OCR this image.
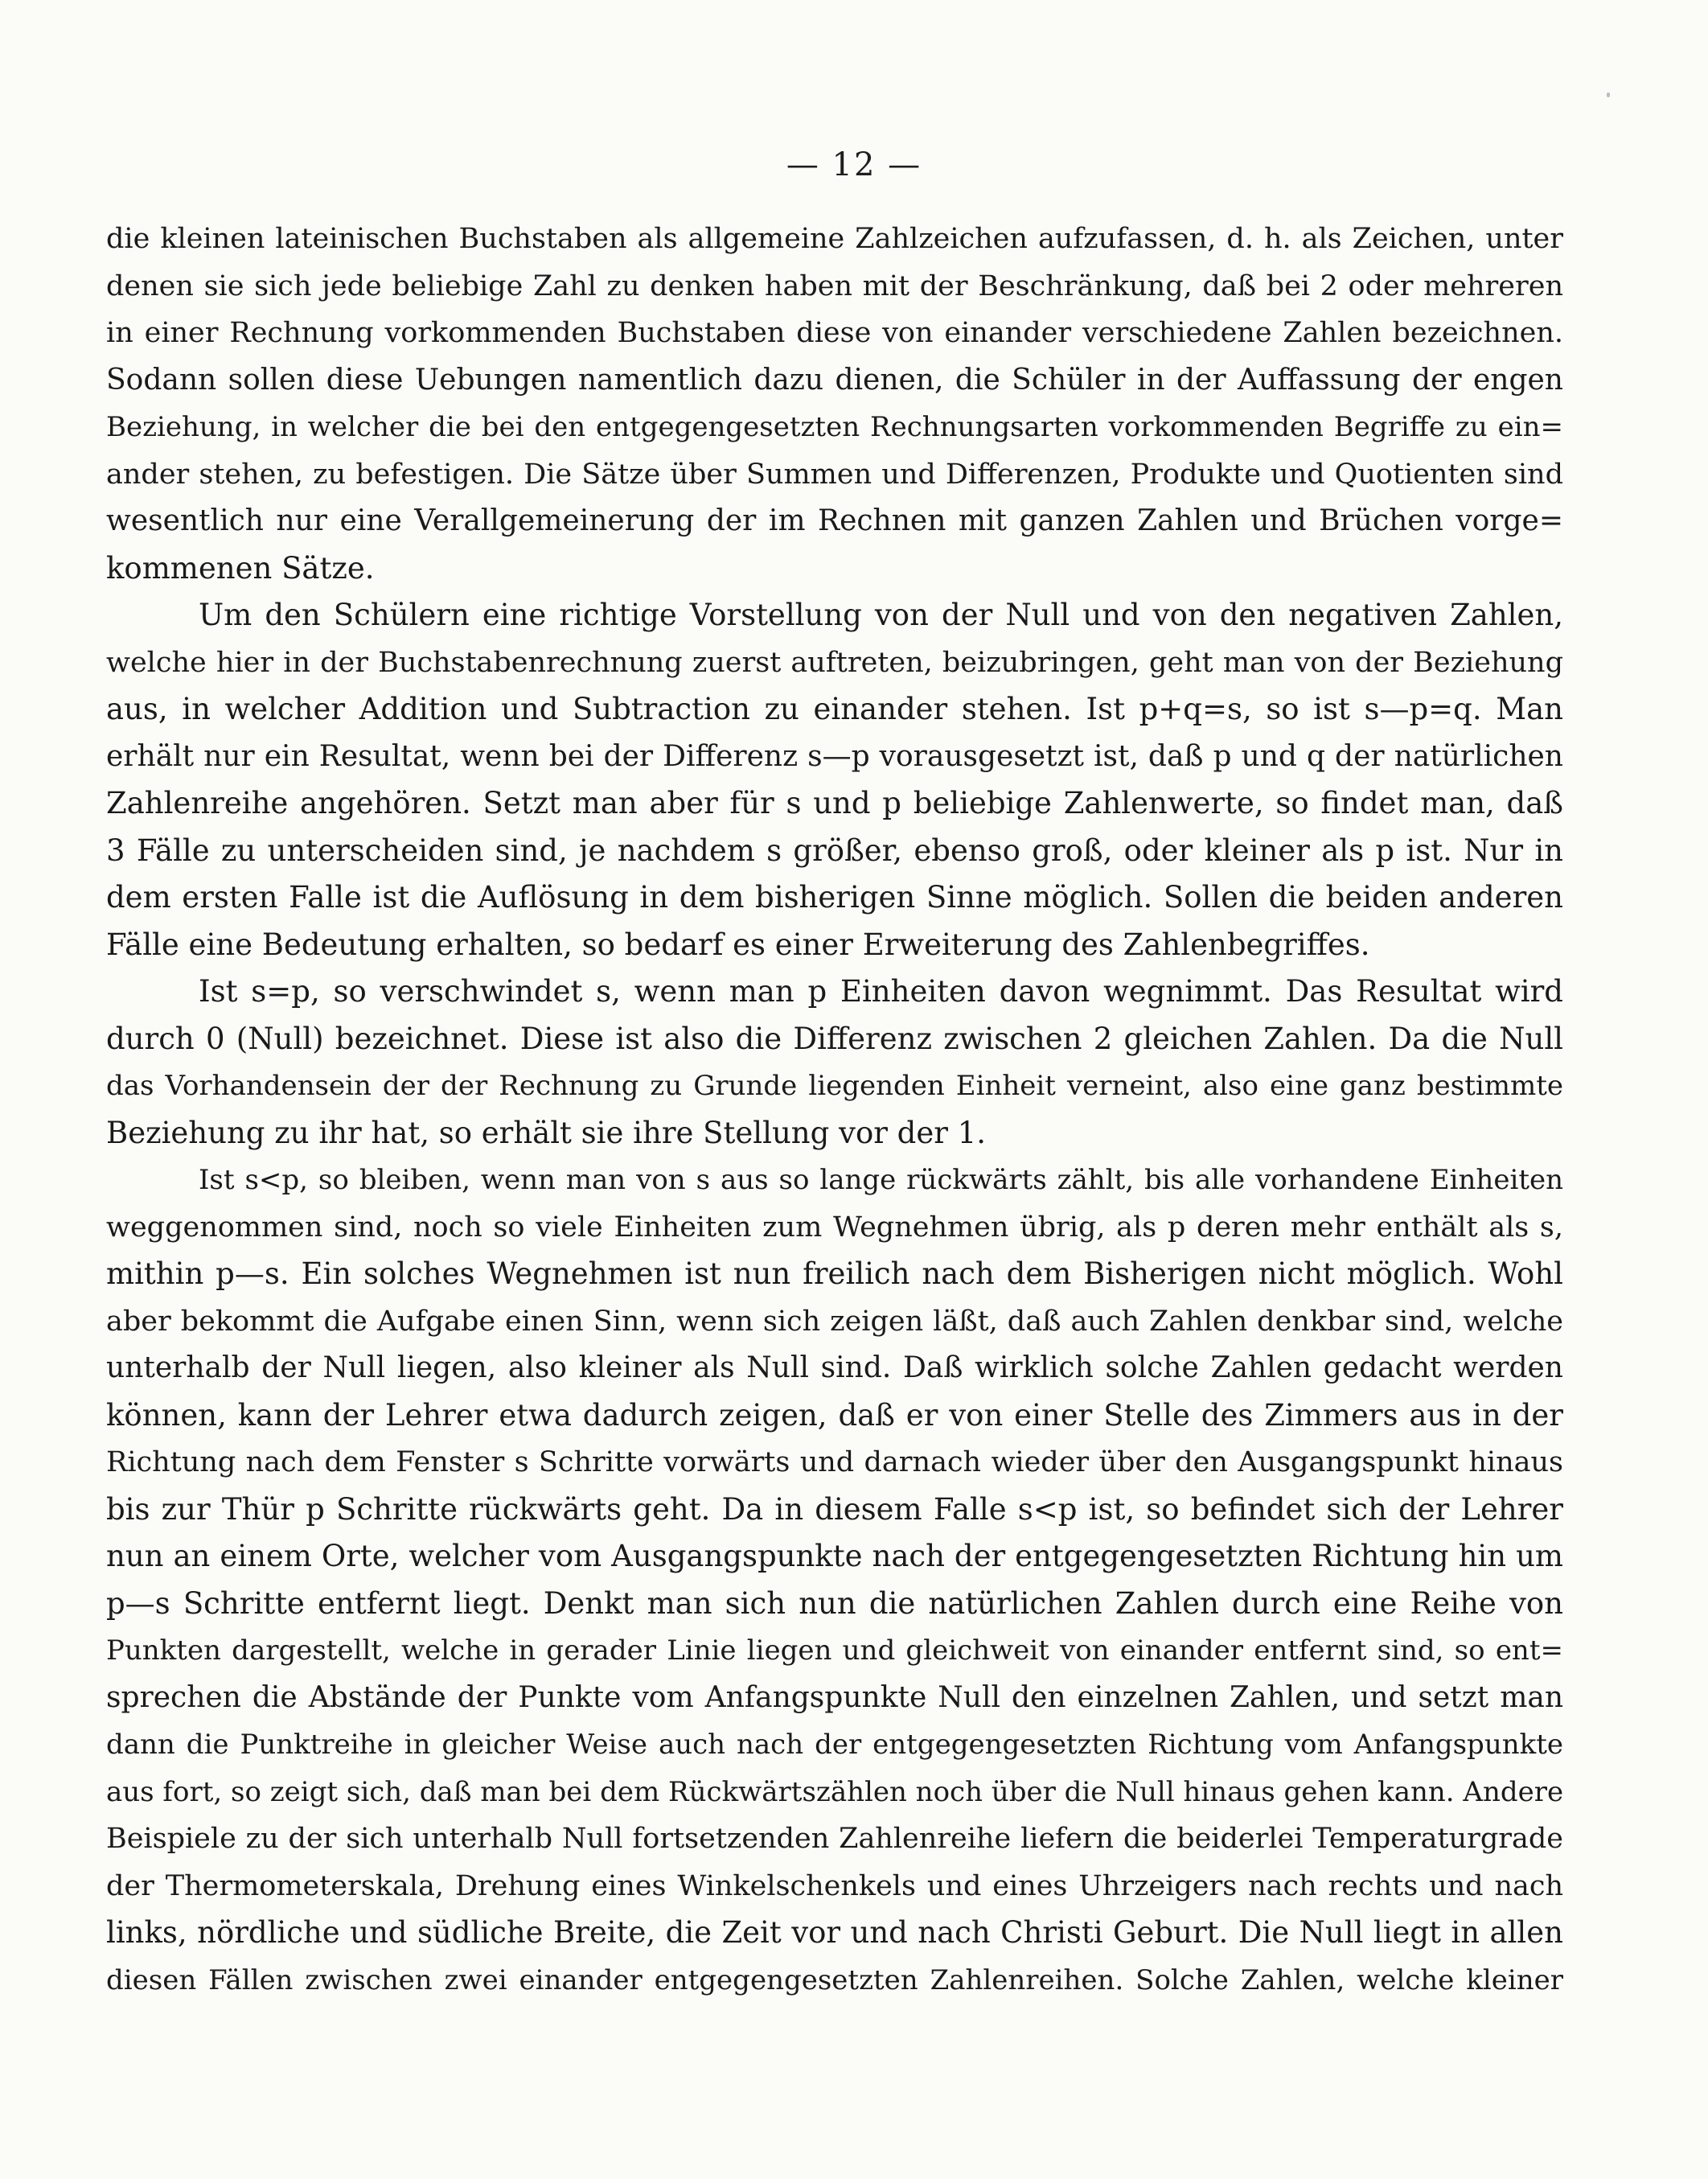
— 12 —
die kleinen lateinischen Buchstaben als allgemeine Zahlzeichen aufzufassen, d. h. als Zeichen, unter
denen sie sich jede beliebige Zahl zu denken haben mit der Beschränkung, daß bei 2 oder mehreren
in einer Rechnung vorkommenden Buchstaben diese von einander verschiedene Zahlen bezeichnen.
Sodann sollen diese Uebungen namentlich dazu dienen, die Schüler in der Auffassung der engen
Beziehung, in welcher die bei den entgegengesetzten Rechnungsarten vorkommenden Begriffe zu ein=
ander stehen, zu befestigen. Die Sätze über Summen und Differenzen, Produkte und Quotienten sind
wesentlich nur eine Verallgemeinerung der im Rechnen mit ganzen Zahlen und Brüchen vorge=
kommenen Sätze.
Um den Schülern eine richtige Vorstellung von der Null und von den negativen Zahlen,
welche hier in der Buchstabenrechnung zuerst auftreten, beizubringen, geht man von der Beziehung
aus, in welcher Addition und Subtraction zu einander stehen. Ist p+q=s, so ist s—p=q. Man
erhält nur ein Resultat, wenn bei der Differenz s—p vorausgesetzt ist, daß p und q der natürlichen
Zahlenreihe angehören. Setzt man aber für s und p beliebige Zahlenwerte, so findet man, daß
3 Fälle zu unterscheiden sind, je nachdem s größer, ebenso groß, oder kleiner als p ist. Nur in
dem ersten Falle ist die Auflösung in dem bisherigen Sinne möglich. Sollen die beiden anderen
Fälle eine Bedeutung erhalten, so bedarf es einer Erweiterung des Zahlenbegriffes.
Ist s=p, so verschwindet s, wenn man p Einheiten davon wegnimmt. Das Resultat wird
durch 0 (Null) bezeichnet. Diese ist also die Differenz zwischen 2 gleichen Zahlen. Da die Null
das Vorhandensein der der Rechnung zu Grunde liegenden Einheit verneint, also eine ganz bestimmte
Beziehung zu ihr hat, so erhält sie ihre Stellung vor der 1.
Ist s<p, so bleiben, wenn man von s aus so lange rückwärts zählt, bis alle vorhandene Einheiten
weggenommen sind, noch so viele Einheiten zum Wegnehmen übrig, als p deren mehr enthält als s,
mithin p—s. Ein solches Wegnehmen ist nun freilich nach dem Bisherigen nicht möglich. Wohl
aber bekommt die Aufgabe einen Sinn, wenn sich zeigen läßt, daß auch Zahlen denkbar sind, welche
unterhalb der Null liegen, also kleiner als Null sind. Daß wirklich solche Zahlen gedacht werden
können, kann der Lehrer etwa dadurch zeigen, daß er von einer Stelle des Zimmers aus in der
Richtung nach dem Fenster s Schritte vorwärts und darnach wieder über den Ausgangspunkt hinaus
bis zur Thür p Schritte rückwärts geht. Da in diesem Falle s<p ist, so befindet sich der Lehrer
nun an einem Orte, welcher vom Ausgangspunkte nach der entgegengesetzten Richtung hin um
p—s Schritte entfernt liegt. Denkt man sich nun die natürlichen Zahlen durch eine Reihe von
Punkten dargestellt, welche in gerader Linie liegen und gleichweit von einander entfernt sind, so ent=
sprechen die Abstände der Punkte vom Anfangspunkte Null den einzelnen Zahlen, und setzt man
dann die Punktreihe in gleicher Weise auch nach der entgegengesetzten Richtung vom Anfangspunkte
aus fort, so zeigt sich, daß man bei dem Rückwärtszählen noch über die Null hinaus gehen kann. Andere
Beispiele zu der sich unterhalb Null fortsetzenden Zahlenreihe liefern die beiderlei Temperaturgrade
der Thermometerskala, Drehung eines Winkelschenkels und eines Uhrzeigers nach rechts und nach
links, nördliche und südliche Breite, die Zeit vor und nach Christi Geburt. Die Null liegt in allen
diesen Fällen zwischen zwei einander entgegengesetzten Zahlenreihen. Solche Zahlen, welche kleiner
